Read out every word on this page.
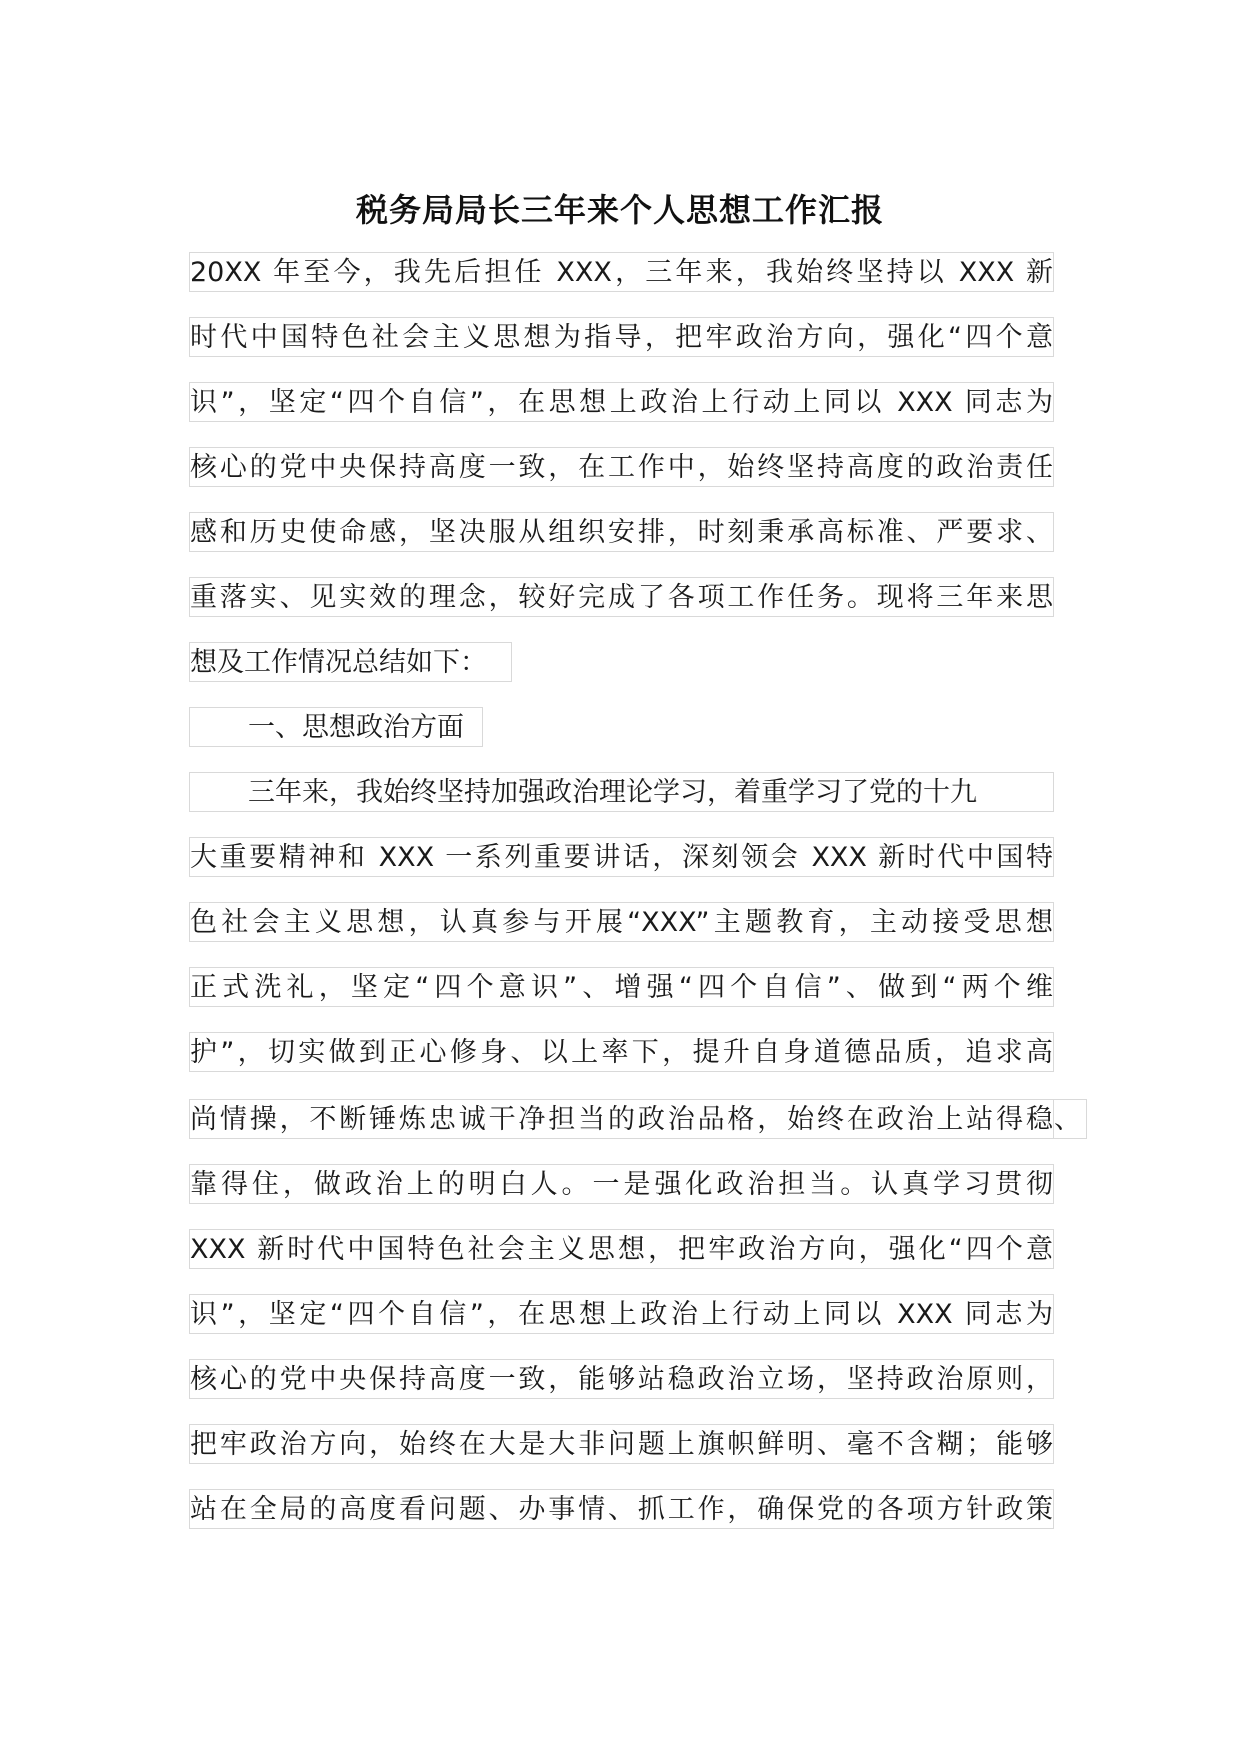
税务局局长三年来个人思想工作汇报
20XX 年至今，我先后担任 XXX，三年来，我始终坚持以 XXX 新
时代中国特色社会主义思想为指导，把牢政治方向，强化“四个意
识”，坚定“四个自信”，在思想上政治上行动上同以 XXX 同志为
核心的党中央保持高度一致，在工作中，始终坚持高度的政治责任
感和历史使命感，坚决服从组织安排，时刻秉承高标准、严要求、
重落实、见实效的理念，较好完成了各项工作任务。现将三年来思
想及工作情况总结如下：
一、思想政治方面
三年来，我始终坚持加强政治理论学习，着重学习了党的十九
大重要精神和 XXX 一系列重要讲话，深刻领会 XXX 新时代中国特
色社会主义思想，认真参与开展“XXX”主题教育，主动接受思想
正式洗礼，坚定“四个意识”、增强“四个自信”、做到“两个维
护”，切实做到正心修身、以上率下，提升自身道德品质，追求高
尚情操，不断锤炼忠诚干净担当的政治品格，始终在政治上站得稳 、
靠得住，做政治上的明白人。一是强化政治担当。认真学习贯彻
XXX 新时代中国特色社会主义思想，把牢政治方向，强化“四个意
识”，坚定“四个自信”，在思想上政治上行动上同以 XXX 同志为
核心的党中央保持高度一致，能够站稳政治立场，坚持政治原则，
把牢政治方向，始终在大是大非问题上旗帜鲜明、毫不含糊；能够
站在全局的高度看问题、办事情、抓工作，确保党的各项方针政策
